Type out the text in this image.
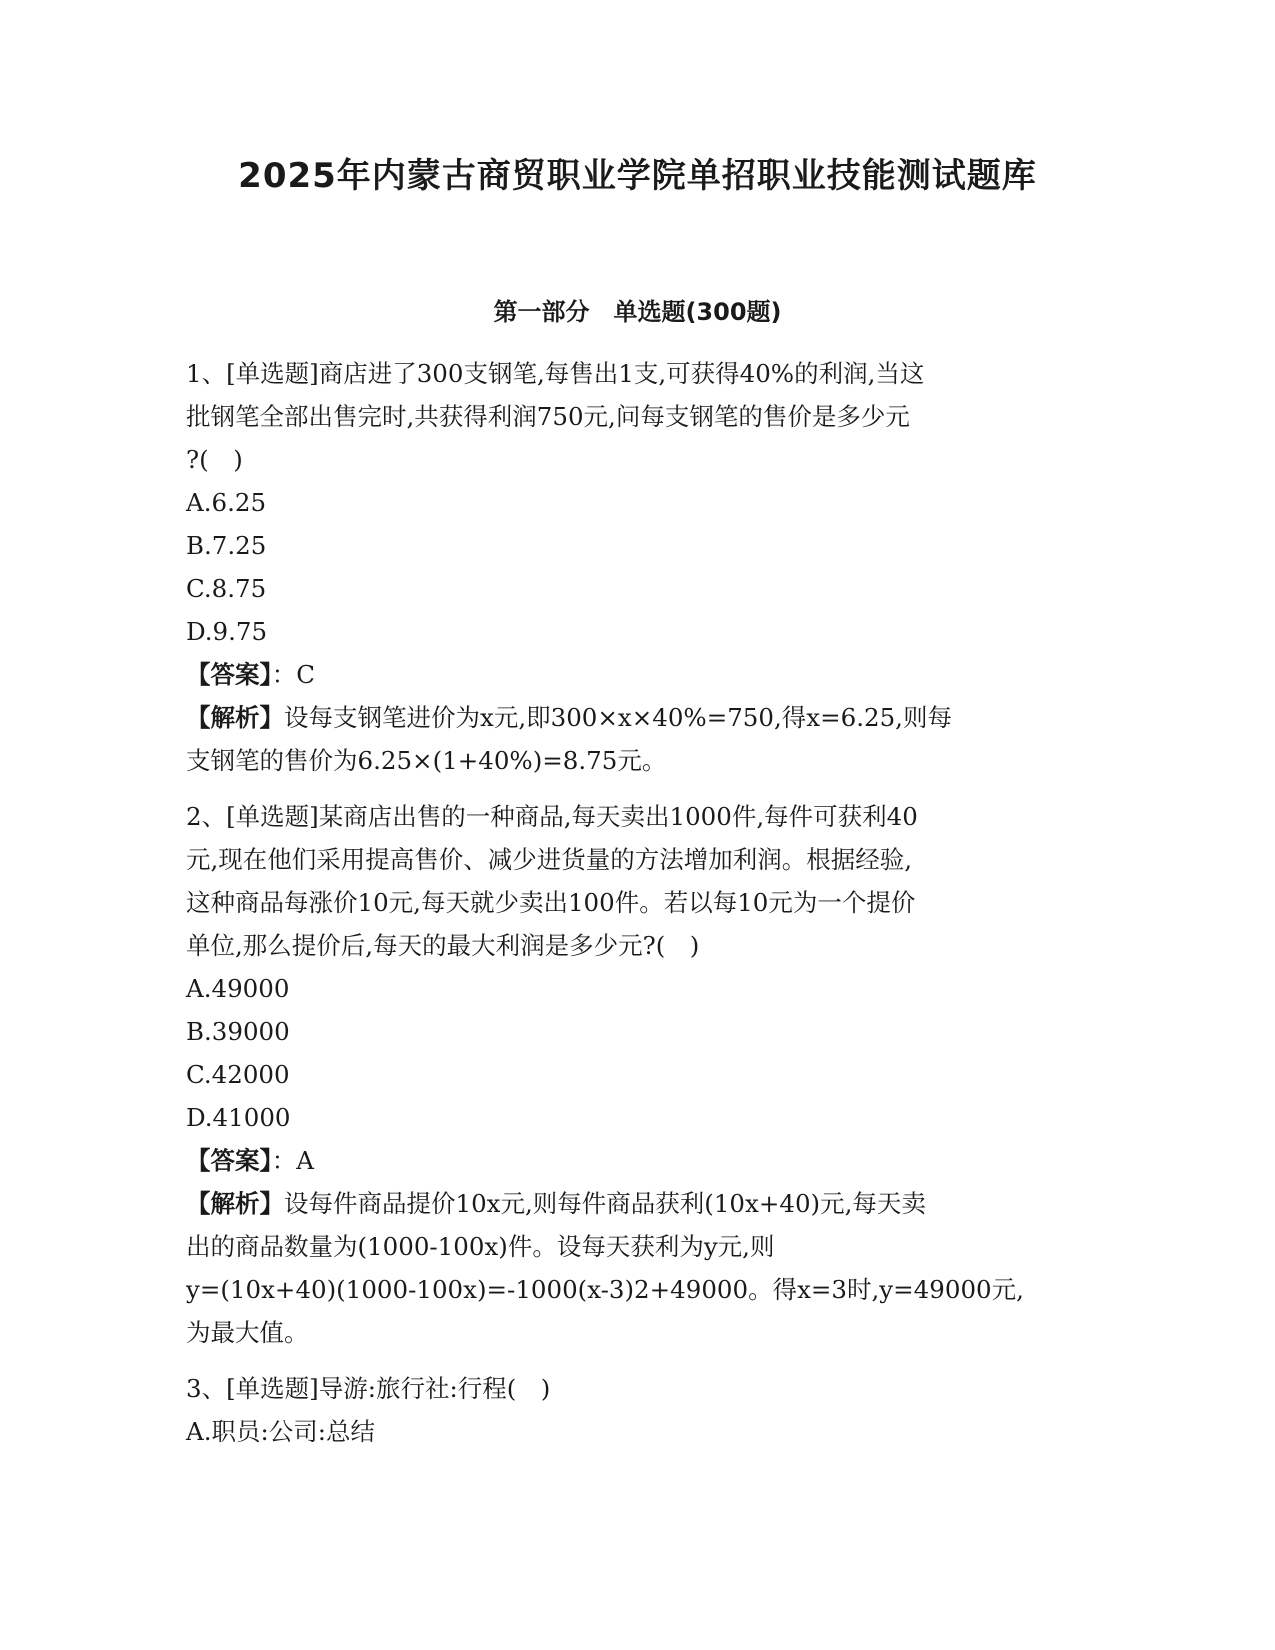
2025年内蒙古商贸职业学院单招职业技能测试题库
第一部分　单选题(300题)

1、[单选题]商店进了300支钢笔,每售出1支,可获得40%的利润,当这

批钢笔全部出售完时,共获得利润750元,问每支钢笔的售价是多少元

?(　)

A.6.25

B.7.25

C.8.75

D.9.75

【答案】：C

【解析】设每支钢笔进价为x元,即300×x×40%=750,得x=6.25,则每

支钢笔的售价为6.25×(1+40%)=8.75元。

2、[单选题]某商店出售的一种商品,每天卖出1000件,每件可获利40

元,现在他们采用提高售价、减少进货量的方法增加利润。根据经验,

这种商品每涨价10元,每天就少卖出100件。若以每10元为一个提价

单位,那么提价后,每天的最大利润是多少元?(　)

A.49000

B.39000

C.42000

D.41000

【答案】：A

【解析】设每件商品提价10x元,则每件商品获利(10x+40)元,每天卖

出的商品数量为(1000-100x)件。设每天获利为y元,则

y=(10x+40)(1000-100x)=-1000(x-3)2+49000。得x=3时,y=49000元,

为最大值。

3、[单选题]导游:旅行社:行程(　)

A.职员:公司:总结
